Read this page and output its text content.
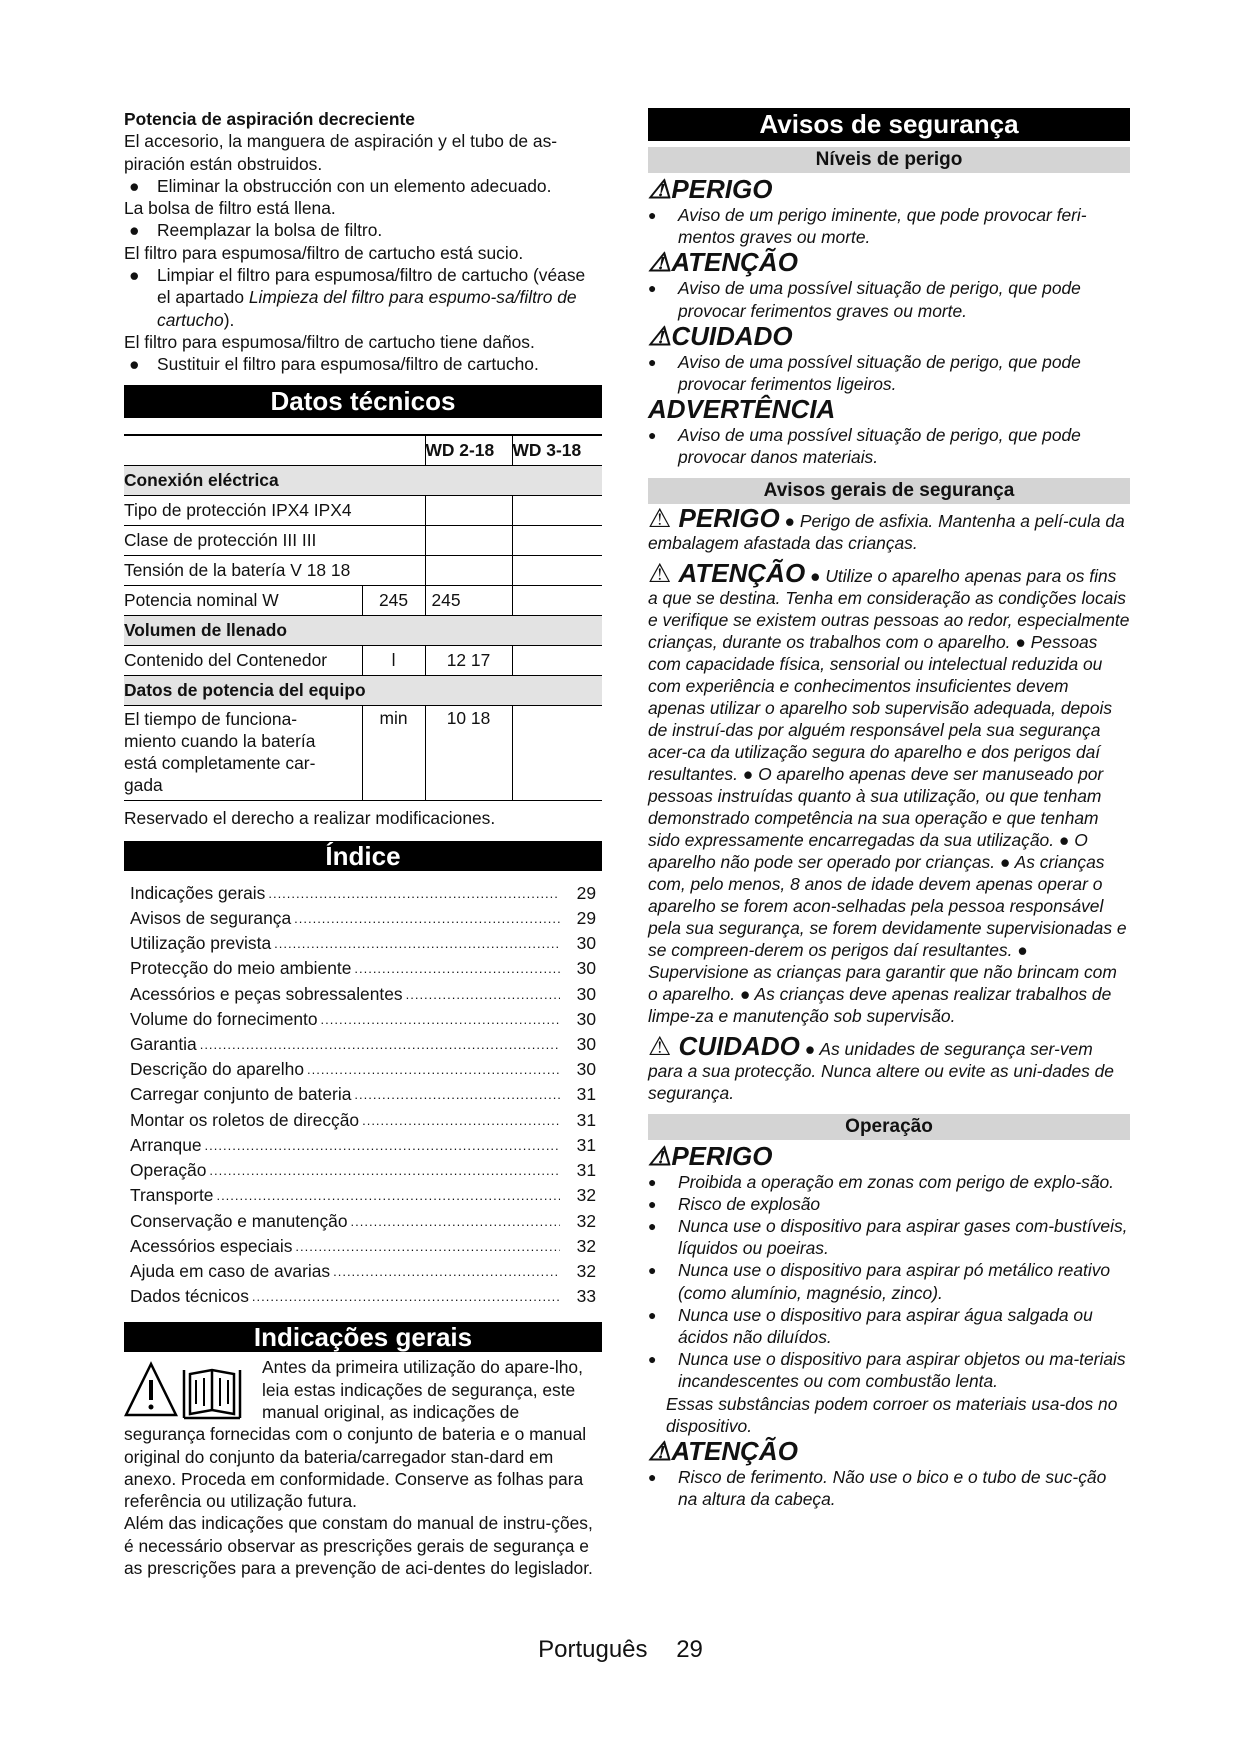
Potencia de aspiración decreciente

El accesorio, la manguera de aspiración y el tubo de as-piración están obstruidos.

● Eliminar la obstrucción con un elemento adecuado.

La bolsa de filtro está llena.

● Reemplazar la bolsa de filtro.

El filtro para espumosa/filtro de cartucho está sucio.

● Limpiar el filtro para espumosa/filtro de cartucho (véase el apartado Limpieza del filtro para espumo-sa/filtro de cartucho).

El filtro para espumosa/filtro de cartucho tiene daños.

● Sustituir el filtro para espumosa/filtro de cartucho.

Datos técnicos
		WD 2-18	WD 3-18
Conexión eléctrica			
Tipo de protección IPX4 IPX4			
Clase de protección III III			
Tensión de la batería V 18 18			
Potencia nominal W	245	245	
Volumen de llenado			
Contenido del Contenedor	l	12 17	
Datos de potencia del equipo			
El tiempo de funciona-miento cuando la batería está completamente car-gada	min	10 18	

Reservado el derecho a realizar modificaciones.

Índice
Indicações gerais .....	29
Avisos de segurança .....	29
Utilização prevista .....	30
Protecção do meio ambiente .....	30
Acessórios e peças sobressalentes .....	30
Volume do fornecimento .....	30
Garantia .....	30
Descrição do aparelho .....	30
Carregar conjunto de bateria .....	31
Montar os roletos de direcção .....	31
Arranque .....	31
Operação .....	31
Transporte .....	32
Conservação e manutenção .....	32
Acessórios especiais .....	32
Ajuda em caso de avarias .....	32
Dados técnicos .....	33
Indicações gerais

Antes da primeira utilização do apare-lho, leia estas indicações de segurança, este manual original, as indicações de segurança fornecidas com o conjunto de bateria e o manual original do conjunto da bateria/carregador stan-dard em anexo. Proceda em conformidade. Conserve as folhas para referência ou utilização futura.

Além das indicações que constam do manual de instru-ções, é necessário observar as prescrições gerais de segurança e as prescrições para a prevenção de aci-dentes do legislador.

Avisos de segurança
Níveis de perigo
⚠PERIGO

● Aviso de um perigo iminente, que pode provocar feri-mentos graves ou morte.

⚠ATENÇÃO

● Aviso de uma possível situação de perigo, que pode provocar ferimentos graves ou morte.

⚠CUIDADO

● Aviso de uma possível situação de perigo, que pode provocar ferimentos ligeiros.

ADVERTÊNCIA

● Aviso de uma possível situação de perigo, que pode provocar danos materiais.

Avisos gerais de segurança

⚠ PERIGO ● Perigo de asfixia. Mantenha a pelí-cula da embalagem afastada das crianças.

⚠ ATENÇÃO ● Utilize o aparelho apenas para os fins a que se destina. Tenha em consideração as condições locais e verifique se existem outras pessoas ao redor, especialmente crianças, durante os trabalhos com o aparelho. ● Pessoas com capacidade física, sensorial ou intelectual reduzida ou com experiência e conhecimentos insuficientes devem apenas utilizar o aparelho sob supervisão adequada, depois de instruí-das por alguém responsável pela sua segurança acer-ca da utilização segura do aparelho e dos perigos daí resultantes. ● O aparelho apenas deve ser manuseado por pessoas instruídas quanto à sua utilização, ou que tenham demonstrado competência na sua operação e que tenham sido expressamente encarregadas da sua utilização. ● O aparelho não pode ser operado por crianças. ● As crianças com, pelo menos, 8 anos de idade devem apenas operar o aparelho se forem acon-selhadas pela pessoa responsável pela sua segurança, se forem devidamente supervisionadas e se compreen-derem os perigos daí resultantes. ● Supervisione as crianças para garantir que não brincam com o aparelho. ● As crianças deve apenas realizar trabalhos de limpe-za e manutenção sob supervisão.

⚠ CUIDADO ● As unidades de segurança ser-vem para a sua protecção. Nunca altere ou evite as uni-dades de segurança.

Operação
⚠PERIGO

● Proibida a operação em zonas com perigo de explo-são.

● Risco de explosão

● Nunca use o dispositivo para aspirar gases com-bustíveis, líquidos ou poeiras.

● Nunca use o dispositivo para aspirar pó metálico reativo (como alumínio, magnésio, zinco).

● Nunca use o dispositivo para aspirar água salgada ou ácidos não diluídos.

● Nunca use o dispositivo para aspirar objetos ou ma-teriais incandescentes ou com combustão lenta.

Essas substâncias podem corroer os materiais usa-dos no dispositivo.

⚠ATENÇÃO

● Risco de ferimento. Não use o bico e o tubo de suc-ção na altura da cabeça.

Português 29
